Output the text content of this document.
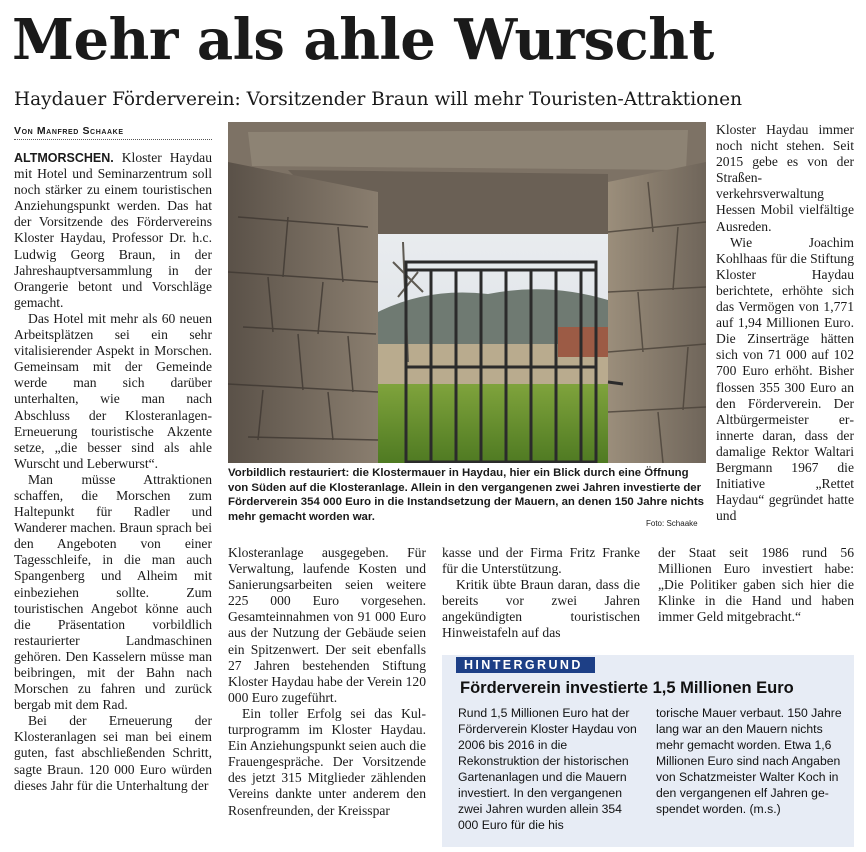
Mehr als ahle Wurscht
Haydauer Förderverein: Vorsitzender Braun will mehr Touristen-Attraktionen
Von Manfred Schaake

ALTMORSCHEN. Kloster Haydau mit Hotel und Seminarzentrum soll noch stärker zu einem touristischen Anziehungspunkt werden. Das hat der Vorsitzende des Fördervereins Kloster Haydau, Professor Dr. h.c. Ludwig Georg Braun, in der Jahreshauptversammlung in der Orangerie betont und Vorschläge gemacht.

Das Hotel mit mehr als 60 neuen Arbeitsplätzen sei ein sehr vitalisierender Aspekt in Morschen. Gemeinsam mit der Gemeinde werde man sich darüber unterhalten, wie man nach Abschluss der Klosteranlagen-Erneuerung touristische Akzente setze, „die besser sind als ahle Wurscht und Leberwurst“.

Man müsse Attraktionen schaffen, die Morschen zum Haltepunkt für Radler und Wanderer machen. Braun sprach bei den Angeboten von einer Tagesschleife, in die man auch Spangenberg und Alheim mit einbeziehen sollte. Zum touristischen Angebot könne auch die Präsentation vorbildlich restaurierter Landmaschinen gehören. Den Kasselern müsse man beibringen, mit der Bahn nach Morschen zu fahren und zurück bergab mit dem Rad.

Bei der Erneuerung der Klosteranlagen sei man bei einem guten, fast abschließenden Schritt, sagte Braun. 120 000 Euro würden dieses Jahr für die Unterhaltung der

Vorbildlich restauriert: die Klostermauer in Haydau, hier ein Blick durch eine Öffnung von Süden auf die Klosteranlage. Allein in den vergangenen zwei Jahren investierte der Förderverein 354 000 Euro in die Instandsetzung der Mauern, an denen 150 Jahre nichts mehr gemacht worden war.
Foto: Schaake

Kloster Haydau immer noch nicht stehen. Seit 2015 gebe es von der Straßenverkehrsverwaltung Hessen Mobil vielfältige Ausreden.

Wie Joachim Kohlhaas für die Stiftung Kloster Haydau berichtete, erhöhte sich das Vermögen von 1,771 auf 1,94 Millionen Euro. Die Zinserträge hätten sich von 71 000 auf 102 700 Euro erhöht. Bisher flossen 355 300 Euro an den Förderverein. Der Altbürgermeister erinnerte daran, dass der damalige Rektor Waltari Bergmann 1967 die Initiative „Rettet Haydau“ gegründet hatte und

Klosteranlage ausgegeben. Für Verwaltung, laufende Kosten und Sanierungsarbeiten seien weitere 225 000 Euro vorgesehen. Gesamteinnahmen von 91 000 Euro aus der Nutzung der Gebäude seien ein Spitzenwert. Der seit ebenfalls 27 Jahren bestehenden Stiftung Kloster Haydau habe der Verein 120 000 Euro zugeführt.

Ein toller Erfolg sei das Kulturprogramm im Kloster Haydau. Ein Anziehungspunkt seien auch die Frauengespräche. Der Vorsitzende des jetzt 315 Mitglieder zählenden Vereins dankte unter anderem den Rosenfreunden, der Kreisspar

kasse und der Firma Fritz Franke für die Unterstützung.

Kritik übte Braun daran, dass die bereits vor zwei Jahren angekündigten touristischen Hinweistafeln auf das

der Staat seit 1986 rund 56 Millionen Euro investiert habe: „Die Politiker gaben sich hier die Klinke in die Hand und haben immer Geld mitgebracht.“

HINTERGRUND
Förderverein investierte 1,5 Millionen Euro

Rund 1,5 Millionen Euro hat der Förderverein Kloster Haydau von 2006 bis 2016 in die Rekonstruktion der historischen Gartenanlagen und die Mauern investiert. In den vergangenen zwei Jahren wurden allein 354 000 Euro für die his

torische Mauer verbaut. 150 Jahre lang war an den Mauern nichts mehr gemacht worden. Etwa 1,6 Millionen Euro sind nach Angaben von Schatzmeister Walter Koch in den vergangenen elf Jahren gespendet worden. (m.s.)
